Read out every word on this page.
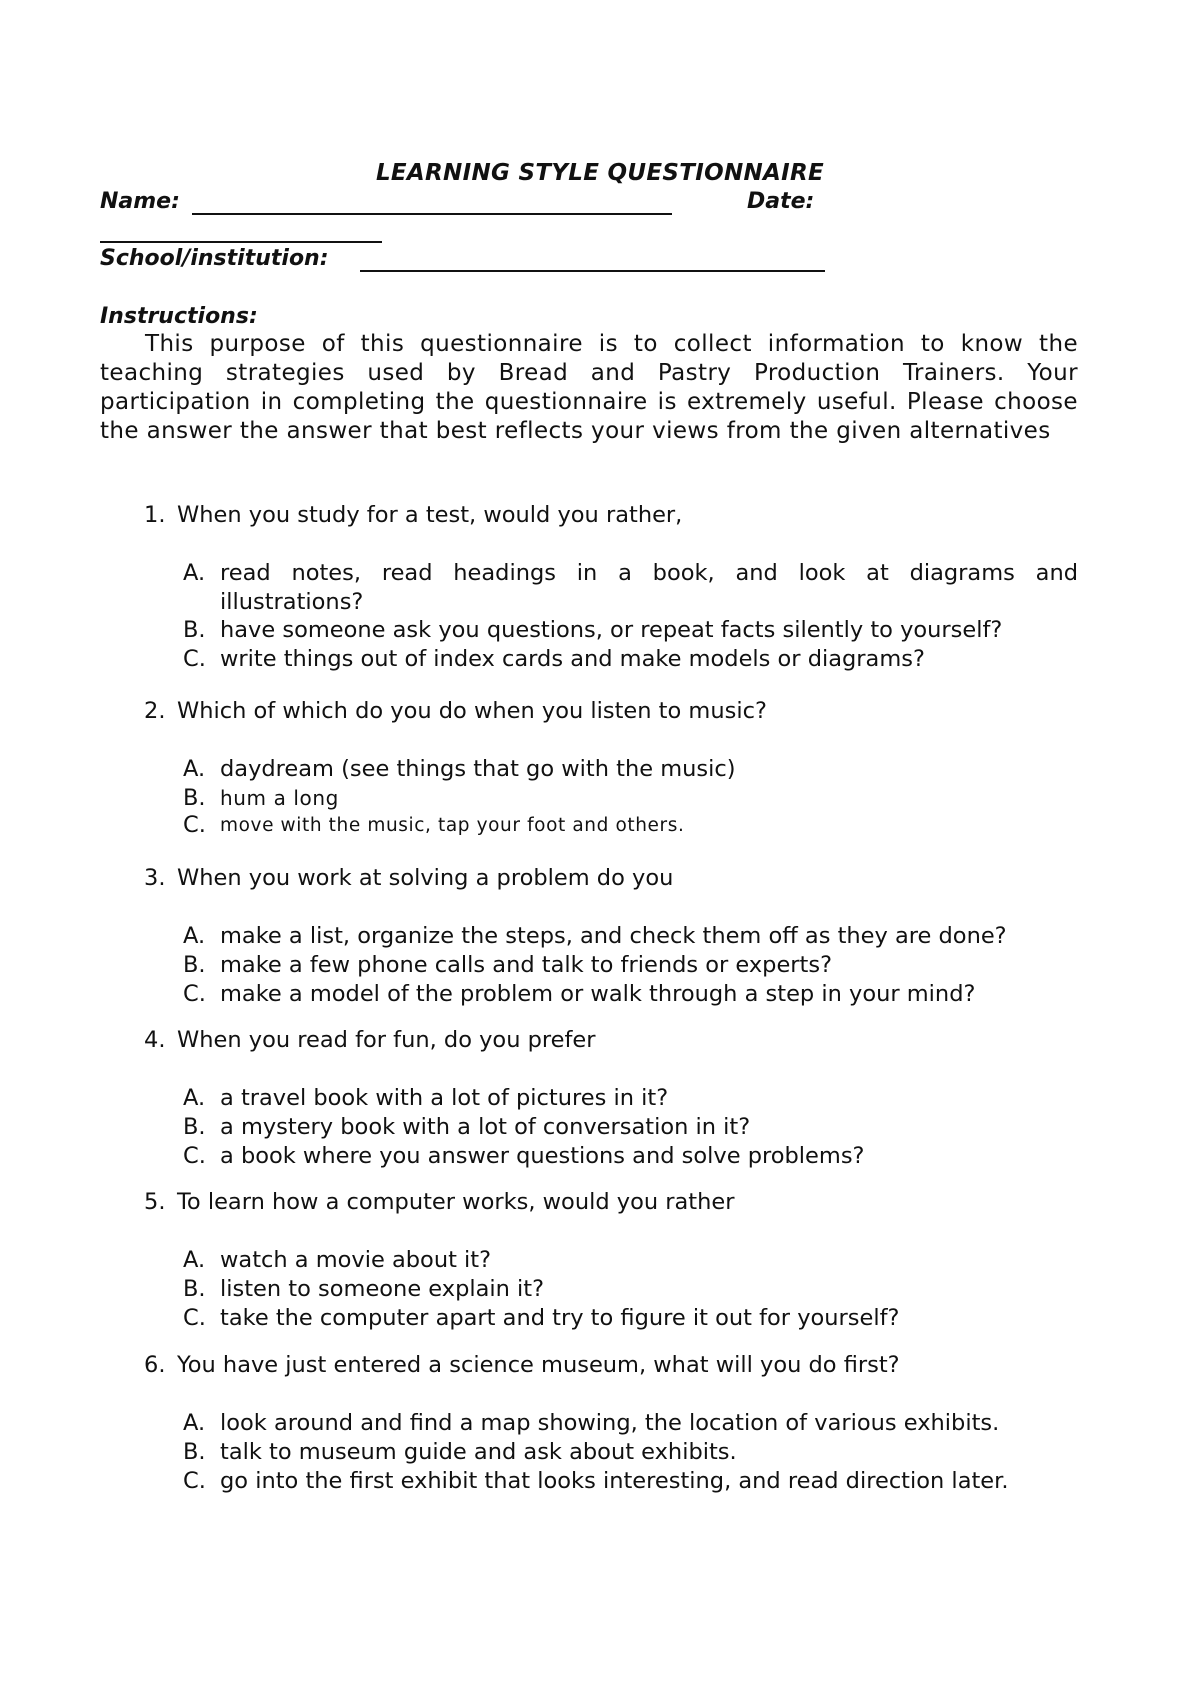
LEARNING STYLE QUESTIONNAIRE
Name:	Date:
School/institution:
Instructions:

This purpose of this questionnaire is to collect information to know the teaching strategies used by Bread and Pastry Production Trainers. Your participation in completing the questionnaire is extremely useful. Please choose the answer the answer that best reflects your views from the given alternatives

1. When you study for a test, would you rather,
A. read notes, read headings in a book, and look at diagrams and illustrations?
B. have someone ask you questions, or repeat facts silently to yourself?
C. write things out of index cards and make models or diagrams?
2. Which of which do you do when you listen to music?
A. daydream (see things that go with the music)
B. hum a long
C. move with the music, tap your foot and others.
3. When you work at solving a problem do you
A. make a list, organize the steps, and check them off as they are done?
B. make a few phone calls and talk to friends or experts?
C. make a model of the problem or walk through a step in your mind?
4. When you read for fun, do you prefer
A. a travel book with a lot of pictures in it?
B. a mystery book with a lot of conversation in it?
C. a book where you answer questions and solve problems?
5. To learn how a computer works, would you rather
A. watch a movie about it?
B. listen to someone explain it?
C. take the computer apart and try to figure it out for yourself?
6. You have just entered a science museum, what will you do first?
A. look around and find a map showing, the location of various exhibits.
B. talk to museum guide and ask about exhibits.
C. go into the first exhibit that looks interesting, and read direction later.
